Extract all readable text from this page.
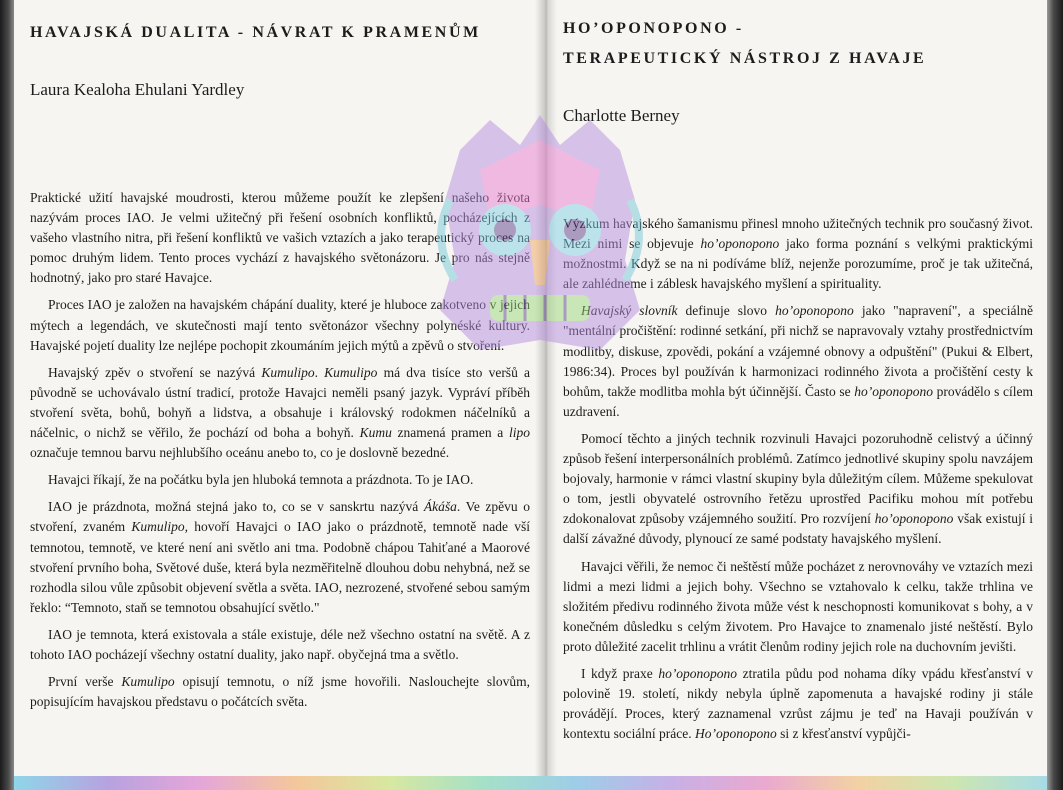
HAVAJSKÁ DUALITA - NÁVRAT K PRAMENŮM

Laura Kealoha Ehulani Yardley

Praktické užití havajské moudrosti, kterou můžeme použít ke zlepšení našeho života nazývám proces IAO. Je velmi užitečný při řešení osobních konfliktů, pocházejících z vašeho vlastního nitra, při řešení konfliktů ve vašich vztazích a jako terapeutický proces na pomoc druhým lidem. Tento proces vychází z havajského světonázoru. Je pro nás stejně hodnotný, jako pro staré Havajce.

Proces IAO je založen na havajském chápání duality, které je hluboce zakotveno v jejich mýtech a legendách, ve skutečnosti mají tento světonázor všechny polynéské kultury. Havajské pojetí duality lze nejlépe pochopit zkoumáním jejich mýtů a zpěvů o stvoření.

Havajský zpěv o stvoření se nazývá Kumulipo. Kumulipo má dva tisíce sto veršů a původně se uchovávalo ústní tradicí, protože Havajci neměli psaný jazyk. Vypráví příběh stvoření světa, bohů, bohyň a lidstva, a obsahuje i královský rodokmen náčelníků a náčelnic, o nichž se věřilo, že pochází od boha a bohyň. Kumu znamená pramen a lipo označuje temnou barvu nejhlubšího oceánu anebo to, co je doslovně bezedné.

Havajci říkají, že na počátku byla jen hluboká temnota a prázdnota. To je IAO.

IAO je prázdnota, možná stejná jako to, co se v sanskrtu nazývá Ákáša. Ve zpěvu o stvoření, zvaném Kumulipo, hovoří Havajci o IAO jako o prázdnotě, temnotě nade vší temnotou, temnotě, ve které není ani světlo ani tma. Podobně chápou Tahiťané a Maorové stvoření prvního boha, Světové duše, která byla nezměřitelně dlouhou dobu nehybná, než se rozhodla silou vůle způsobit objevení světla a světa. IAO, nezrozené, stvořené sebou samým řeklo: “Temnoto, staň se temnotou obsahující světlo."

IAO je temnota, která existovala a stále existuje, déle než všechno ostatní na světě. A z tohoto IAO pocházejí všechny ostatní duality, jako např. obyčejná tma a světlo.

První verše Kumulipo opisují temnotu, o níž jsme hovořili. Naslouchejte slovům, popisujícím havajskou představu o počátcích světa.

HO’OPONOPONO -
TERAPEUTICKÝ NÁSTROJ Z HAVAJE

Charlotte Berney

Výzkum havajského šamanismu přinesl mnoho užitečných technik pro současný život. Mezi nimi se objevuje ho’oponopono jako forma poznání s velkými praktickými možnostmi. Když se na ni podíváme blíž, nejenže porozumíme, proč je tak užitečná, ale zahlédneme i záblesk havajského myšlení a spirituality.

Havajský slovník definuje slovo ho’oponopono jako "napravení", a speciálně "mentální pročištění: rodinné setkání, při nichž se napravovaly vztahy prostřednictvím modlitby, diskuse, zpovědi, pokání a vzájemné obnovy a odpuštění" (Pukui & Elbert, 1986:34). Proces byl používán k harmonizaci rodinného života a pročištění cesty k bohům, takže modlitba mohla být účinnější. Často se ho’oponopono provádělo s cílem uzdravení.

Pomocí těchto a jiných technik rozvinuli Havajci pozoruhodně celistvý a účinný způsob řešení interpersonálních problémů. Zatímco jednotlivé skupiny spolu navzájem bojovaly, harmonie v rámci vlastní skupiny byla důležitým cílem. Můžeme spekulovat o tom, jestli obyvatelé ostrovního řetězu uprostřed Pacifiku mohou mít potřebu zdokonalovat způsoby vzájemného soužití. Pro rozvíjení ho’oponopono však existují i další závažné důvody, plynoucí ze samé podstaty havajského myšlení.

Havajci věřili, že nemoc či neštěstí může pocházet z nerovnováhy ve vztazích mezi lidmi a mezi lidmi a jejich bohy. Všechno se vztahovalo k celku, takže trhlina ve složitém předivu rodinného života může vést k neschopnosti komunikovat s bohy, a v konečném důsledku s celým životem. Pro Havajce to znamenalo jisté neštěstí. Bylo proto důležité zacelit trhlinu a vrátit členům rodiny jejich role na duchovním jevišti.

I když praxe ho’oponopono ztratila půdu pod nohama díky vpádu křesťanství v polovině 19. století, nikdy nebyla úplně zapomenuta a havajské rodiny ji stále provádějí. Proces, který zaznamenal vzrůst zájmu je teď na Havaji používán v kontextu sociální práce. Ho’oponopono si z křesťanství vypůjči-
